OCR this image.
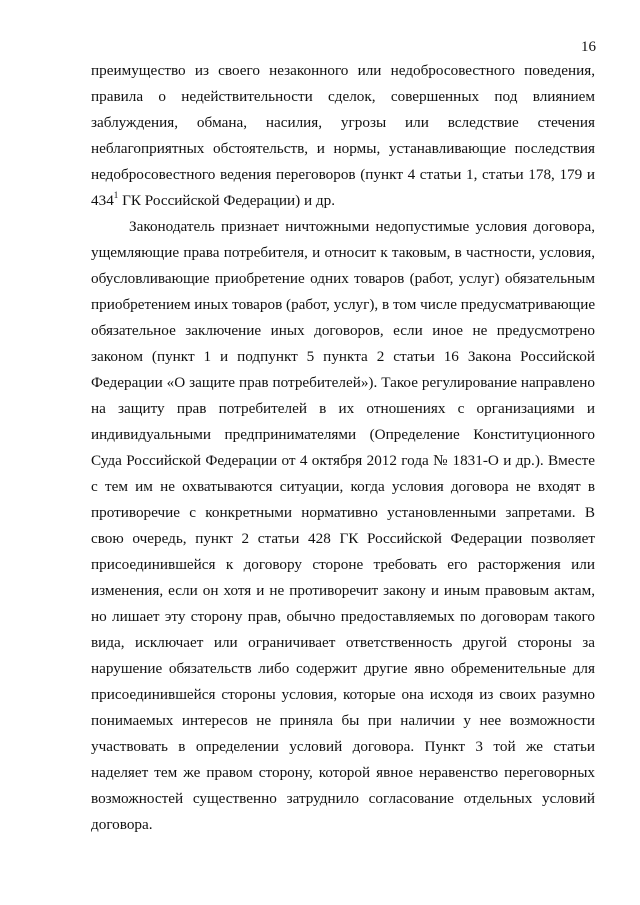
16
преимущество из своего незаконного или недобросовестного поведения,
правила о недействительности сделок, совершенных под влиянием
заблуждения, обмана, насилия, угрозы или вследствие стечения
неблагоприятных обстоятельств, и нормы, устанавливающие последствия
недобросовестного ведения переговоров (пункт 4 статьи 1, статьи 178, 179 и
$434^1$ ГК Российской Федерации) и др.
Законодатель признает ничтожными недопустимые условия договора,
ущемляющие права потребителя, и относит к таковым, в частности, условия,
обусловливающие приобретение одних товаров (работ, услуг) обязательным
приобретением иных товаров (работ, услуг), в том числе предусматривающие
обязательное заключение иных договоров, если иное не предусмотрено
законом (пункт 1 и подпункт 5 пункта 2 статьи 16 Закона Российской
Федерации «О защите прав потребителей»). Такое регулирование направлено
на защиту прав потребителей в их отношениях с организациями и
индивидуальными предпринимателями (Определение Конституционного
Суда Российской Федерации от 4 октября 2012 года № 1831-О и др.). Вместе
с тем им не охватываются ситуации, когда условия договора не входят в
противоречие с конкретными нормативно установленными запретами. В
свою очередь, пункт 2 статьи 428 ГК Российской Федерации позволяет
присоединившейся к договору стороне требовать его расторжения или
изменения, если он хотя и не противоречит закону и иным правовым актам,
но лишает эту сторону прав, обычно предоставляемых по договорам такого
вида, исключает или ограничивает ответственность другой стороны за
нарушение обязательств либо содержит другие явно обременительные для
присоединившейся стороны условия, которые она исходя из своих разумно
понимаемых интересов не приняла бы при наличии у нее возможности
участвовать в определении условий договора. Пункт 3 той же статьи
наделяет тем же правом сторону, которой явное неравенство переговорных
возможностей существенно затруднило согласование отдельных условий
договора.
